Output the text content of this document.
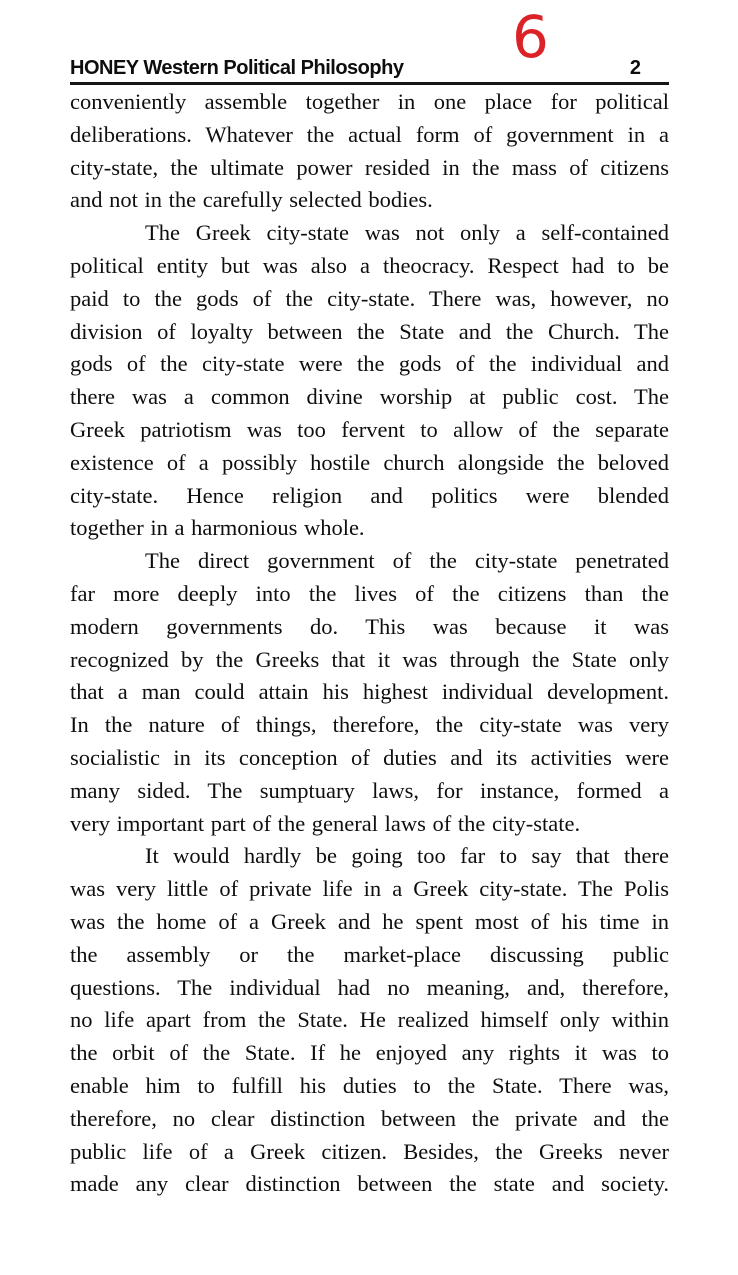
6
HONEY Western Political Philosophy	2
conveniently assemble together in one place for political
deliberations. Whatever the actual form of government in a
city-state, the ultimate power resided in the mass of citizens
and not in the carefully selected bodies.
The Greek city-state was not only a self-contained
political entity but was also a theocracy. Respect had to be
paid to the gods of the city-state. There was, however, no
division of loyalty between the State and the Church. The
gods of the city-state were the gods of the individual and
there was a common divine worship at public cost. The
Greek patriotism was too fervent to allow of the separate
existence of a possibly hostile church alongside the beloved
city-state. Hence religion and politics were blended
together in a harmonious whole.
The direct government of the city-state penetrated
far more deeply into the lives of the citizens than the
modern governments do. This was because it was
recognized by the Greeks that it was through the State only
that a man could attain his highest individual development.
In the nature of things, therefore, the city-state was very
socialistic in its conception of duties and its activities were
many sided. The sumptuary laws, for instance, formed a
very important part of the general laws of the city-state.
It would hardly be going too far to say that there
was very little of private life in a Greek city-state. The Polis
was the home of a Greek and he spent most of his time in
the assembly or the market-place discussing public
questions. The individual had no meaning, and, therefore,
no life apart from the State. He realized himself only within
the orbit of the State. If he enjoyed any rights it was to
enable him to fulfill his duties to the State. There was,
therefore, no clear distinction between the private and the
public life of a Greek citizen. Besides, the Greeks never
made any clear distinction between the state and society.
